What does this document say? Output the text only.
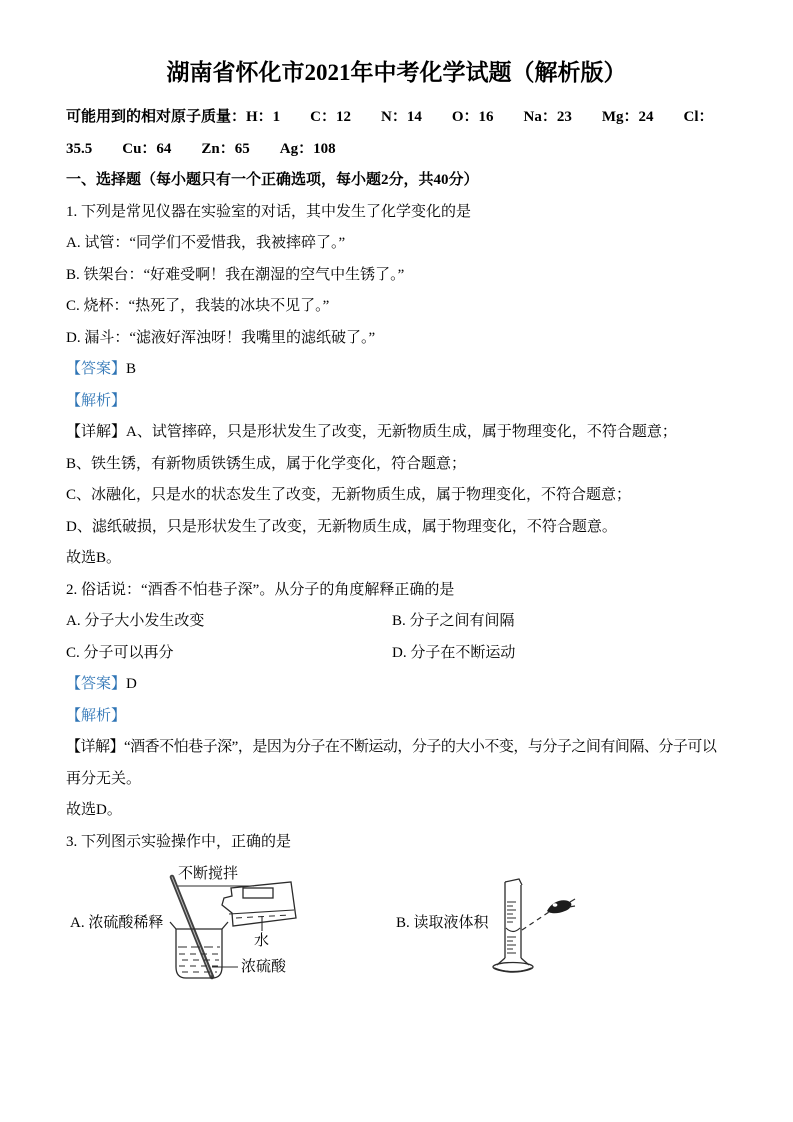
湖南省怀化市2021年中考化学试题（解析版）

可能用到的相对原子质量：H：1　　C：12　　N：14　　O：16　　Na：23　　Mg：24　　Cl：

35.5　　Cu：64　　Zn：65　　Ag：108

一、选择题（每小题只有一个正确选项，每小题2分，共40分）

1. 下列是常见仪器在实验室的对话，其中发生了化学变化的是

A. 试管：“同学们不爱惜我，我被摔碎了。”

B. 铁架台：“好难受啊！我在潮湿的空气中生锈了。”

C. 烧杯：“热死了，我装的冰块不见了。”

D. 漏斗：“滤液好浑浊呀！我嘴里的滤纸破了。”

【答案】B

【解析】

【详解】A、试管摔碎，只是形状发生了改变，无新物质生成，属于物理变化，不符合题意；

B、铁生锈，有新物质铁锈生成，属于化学变化，符合题意；

C、冰融化，只是水的状态发生了改变，无新物质生成，属于物理变化，不符合题意；

D、滤纸破损，只是形状发生了改变，无新物质生成，属于物理变化，不符合题意。

故选B。

2. 俗话说：“酒香不怕巷子深”。从分子的角度解释正确的是

A. 分子大小发生改变	B. 分子之间有间隔
C. 分子可以再分	D. 分子在不断运动

【答案】D

【解析】

【详解】“酒香不怕巷子深”，是因为分子在不断运动，分子的大小不变，与分子之间有间隔、分子可以

再分无关。

故选D。

3. 下列图示实验操作中，正确的是

不断搅拌
A. 浓硫酸稀释
水
浓硫酸
B. 读取液体积
